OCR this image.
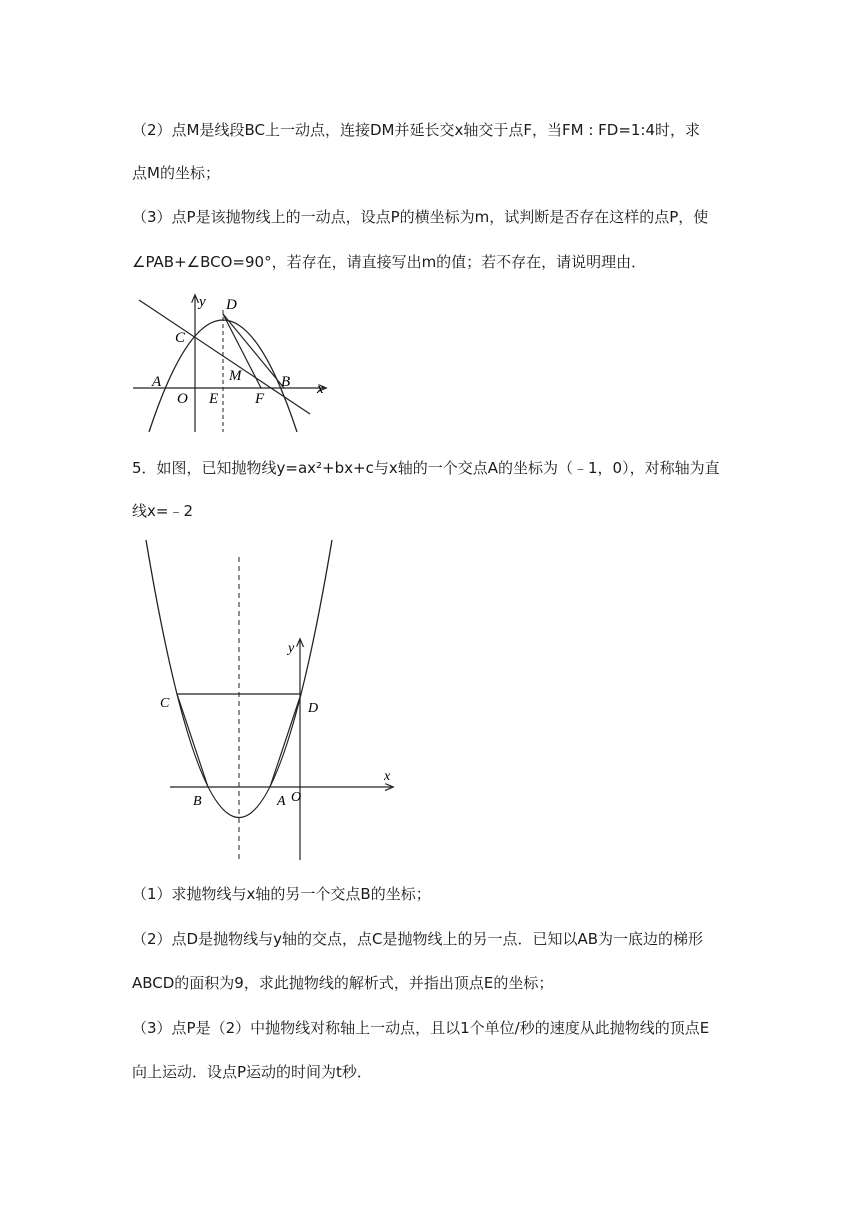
（2）点M是线段BC上一动点，连接DM并延长交x轴交于点F，当FM : FD=1:4时，求
点M的坐标；
（3）点P是该抛物线上的一动点，设点P的横坐标为m，试判断是否存在这样的点P，使
∠PAB+∠BCO=90°，若存在，请直接写出m的值；若不存在，请说明理由．
y D
C
A	M	B x
O E F
5．如图，已知抛物线y=ax²+bx+c与x轴的一个交点A的坐标为（﹣1，0），对称轴为直
线x=﹣2
y
x
C	D
B	A O
（1）求抛物线与x轴的另一个交点B的坐标；
（2）点D是抛物线与y轴的交点，点C是抛物线上的另一点．已知以AB为一底边的梯形
ABCD的面积为9，求此抛物线的解析式，并指出顶点E的坐标；
（3）点P是（2）中抛物线对称轴上一动点，且以1个单位/秒的速度从此抛物线的顶点E
向上运动．设点P运动的时间为t秒．
